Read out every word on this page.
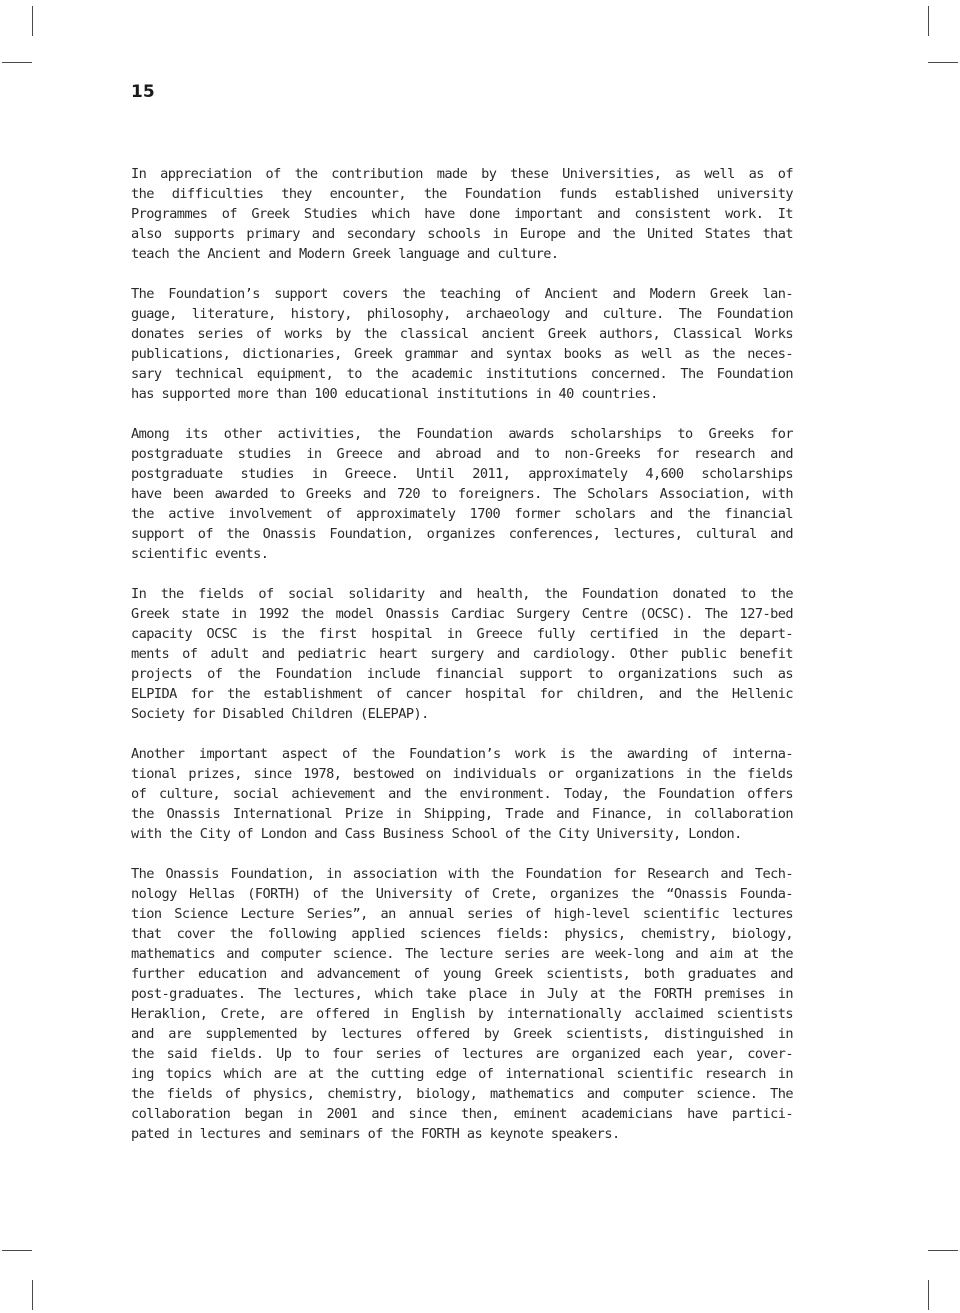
15

In appreciation of the contribution made by these Universities, as well as of
the difficulties they encounter, the Foundation funds established university
Programmes of Greek Studies which have done important and consistent work. It
also supports primary and secondary schools in Europe and the United States that
teach the Ancient and Modern Greek language and culture.

The Foundation’s support covers the teaching of Ancient and Modern Greek lan-
guage, literature, history, philosophy, archaeology and culture. The Foundation
donates series of works by the classical ancient Greek authors, Classical Works
publications, dictionaries, Greek grammar and syntax books as well as the neces-
sary technical equipment, to the academic institutions concerned. The Foundation
has supported more than 100 educational institutions in 40 countries.

Among its other activities, the Foundation awards scholarships to Greeks for
postgraduate studies in Greece and abroad and to non-Greeks for research and
postgraduate studies in Greece. Until 2011, approximately 4,600 scholarships
have been awarded to Greeks and 720 to foreigners. The Scholars Association, with
the active involvement of approximately 1700 former scholars and the financial
support of the Onassis Foundation, organizes conferences, lectures, cultural and
scientific events.

In the fields of social solidarity and health, the Foundation donated to the
Greek state in 1992 the model Onassis Cardiac Surgery Centre (OCSC). The 127-bed
capacity OCSC is the first hospital in Greece fully certified in the depart-
ments of adult and pediatric heart surgery and cardiology. Other public benefit
projects of the Foundation include financial support to organizations such as
ELPIDA for the establishment of cancer hospital for children, and the Hellenic
Society for Disabled Children (ELEPAP).

Another important aspect of the Foundation’s work is the awarding of interna-
tional prizes, since 1978, bestowed on individuals or organizations in the fields
of culture, social achievement and the environment. Today, the Foundation offers
the Onassis International Prize in Shipping, Trade and Finance, in collaboration
with the City of London and Cass Business School of the City University, London.

The Onassis Foundation, in association with the Foundation for Research and Tech-
nology Hellas (FORTH) of the University of Crete, organizes the “Onassis Founda-
tion Science Lecture Series”, an annual series of high-level scientific lectures
that cover the following applied sciences fields: physics, chemistry, biology,
mathematics and computer science. The lecture series are week-long and aim at the
further education and advancement of young Greek scientists, both graduates and
post-graduates. The lectures, which take place in July at the FORTH premises in
Heraklion, Crete, are offered in English by internationally acclaimed scientists
and are supplemented by lectures offered by Greek scientists, distinguished in
the said fields. Up to four series of lectures are organized each year, cover-
ing topics which are at the cutting edge of international scientific research in
the fields of physics, chemistry, biology, mathematics and computer science. The
collaboration began in 2001 and since then, eminent academicians have partici-
pated in lectures and seminars of the FORTH as keynote speakers.
